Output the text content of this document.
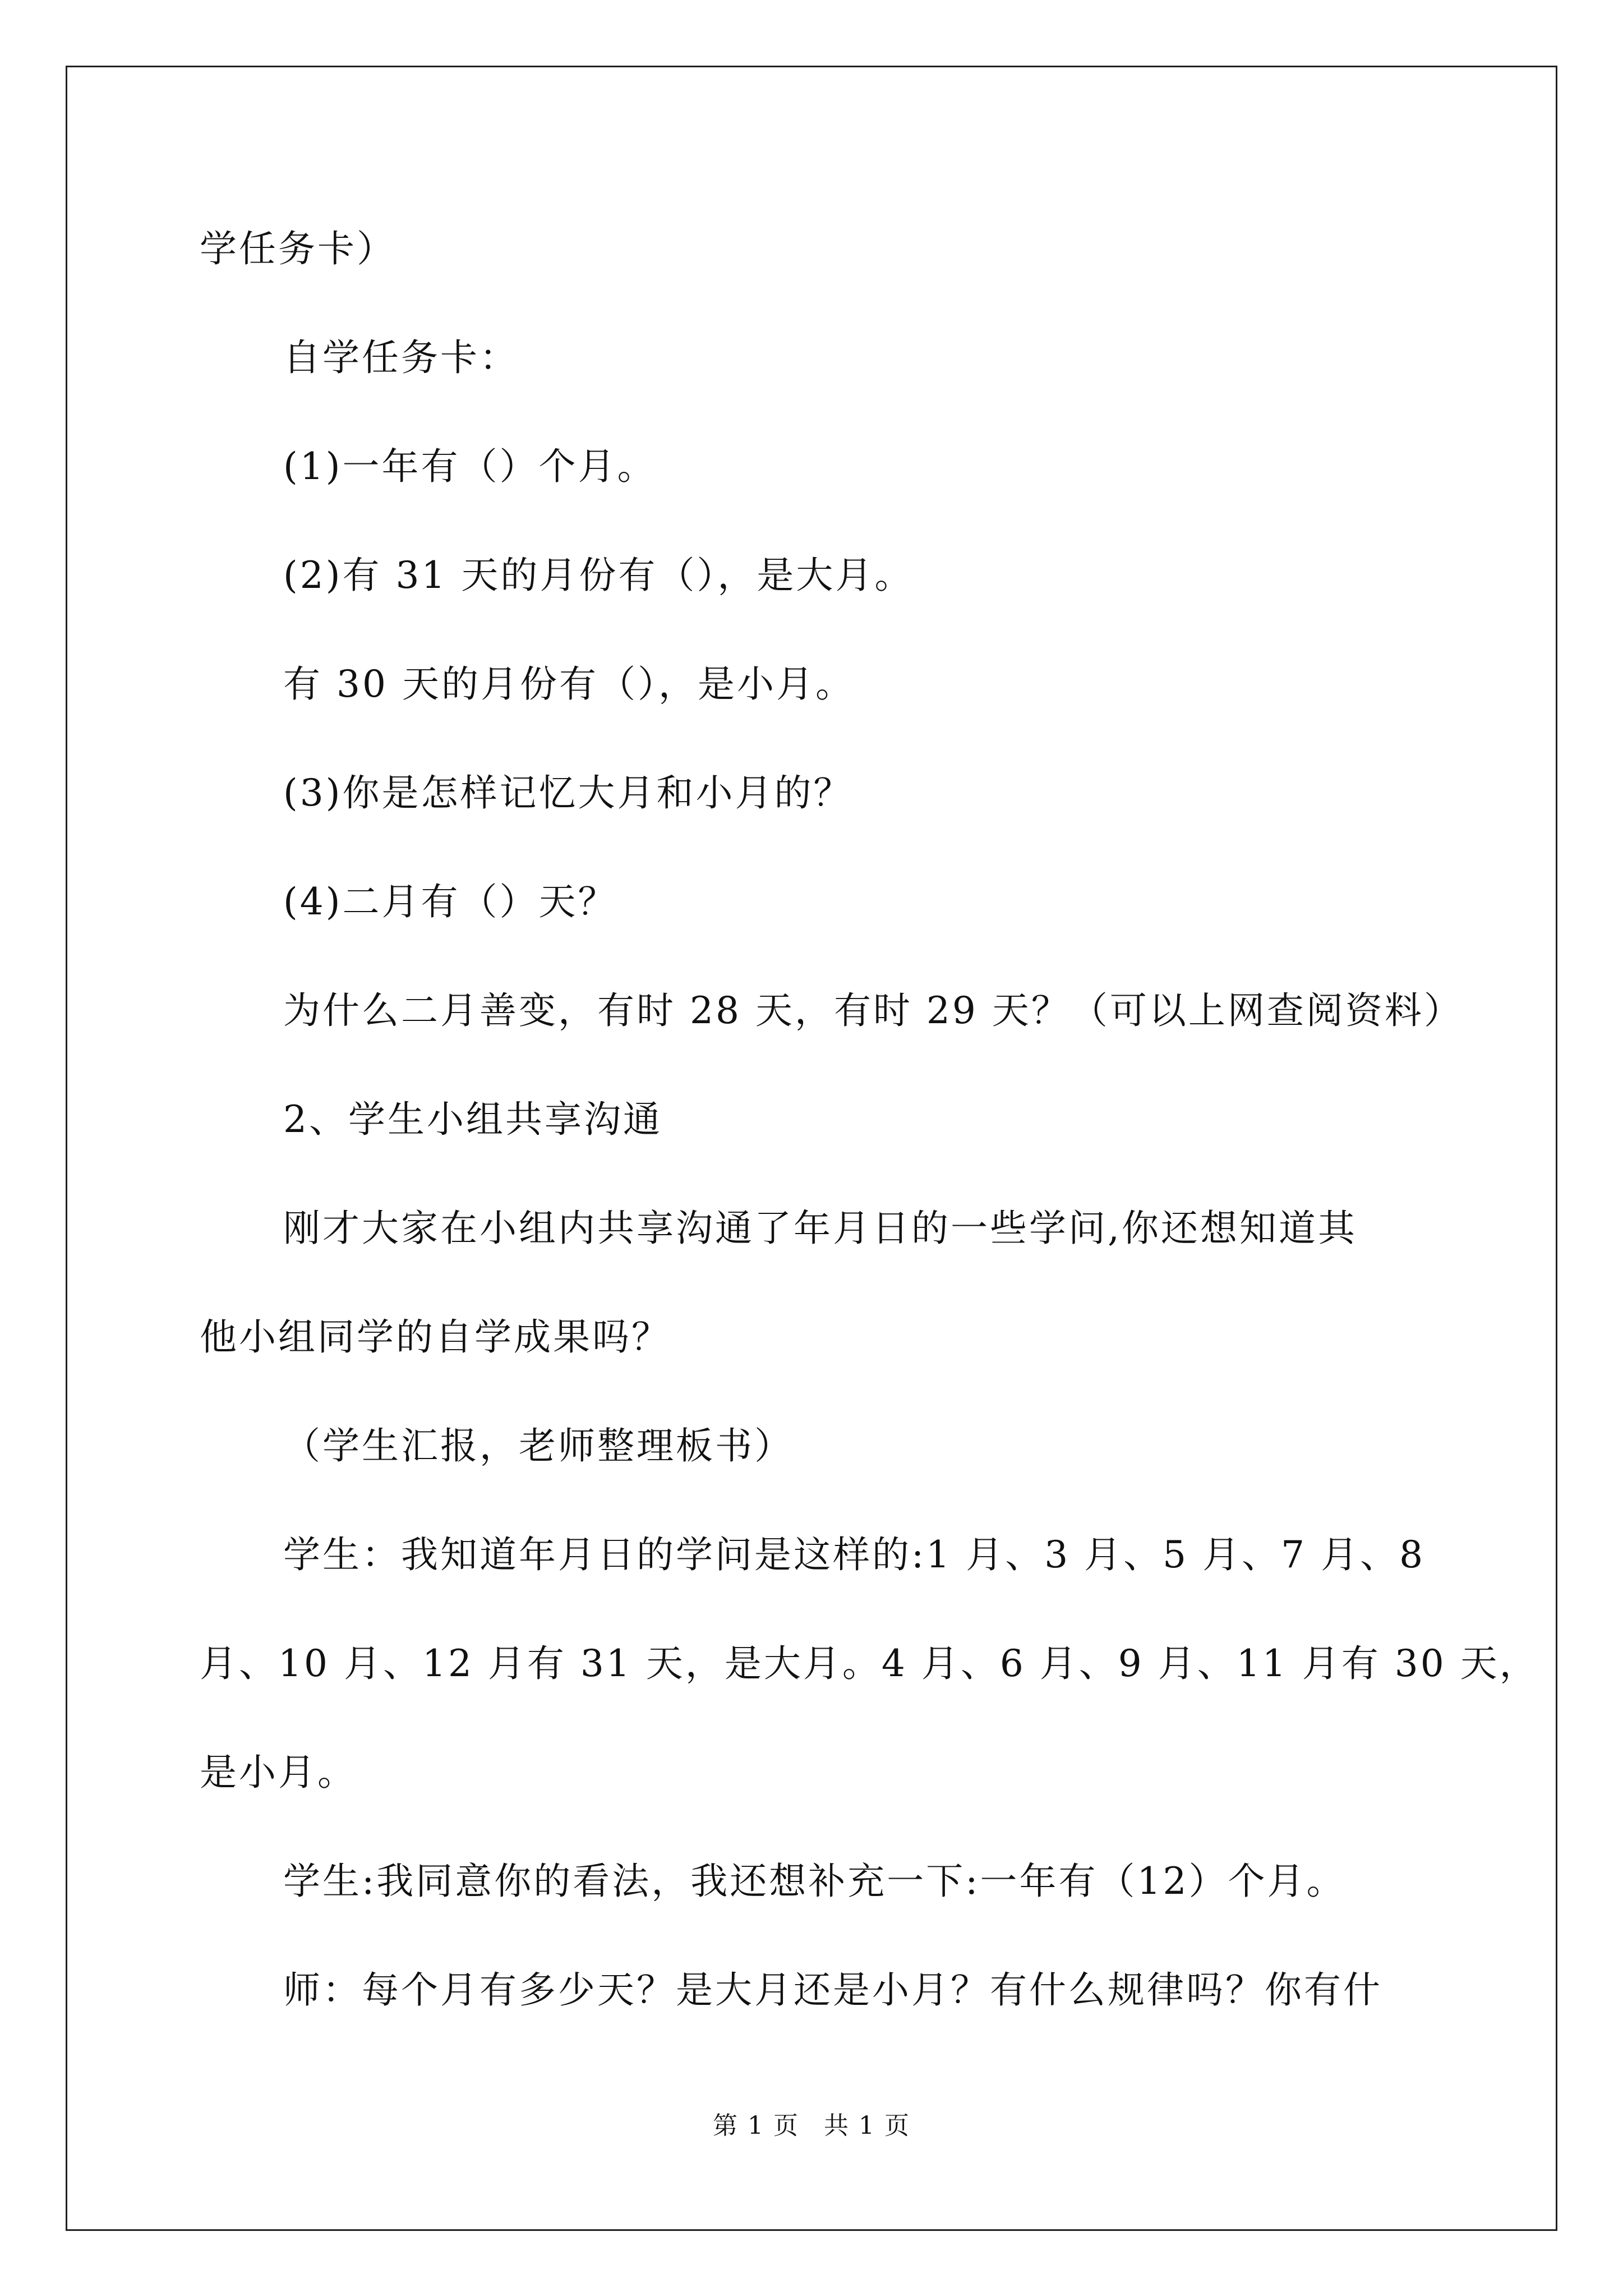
学任务卡）
自学任务卡：
(1)一年有（）个月。
(2)有 31 天的月份有（），是大月。
有 30 天的月份有（），是小月。
(3)你是怎样记忆大月和小月的？
(4)二月有（）天？
为什么二月善变，有时 28 天，有时 29 天？（可以上网查阅资料）
2、学生小组共享沟通
刚才大家在小组内共享沟通了年月日的一些学问,你还想知道其
他小组同学的自学成果吗？
（学生汇报，老师整理板书）
学生：我知道年月日的学问是这样的:1 月、3 月、5 月、7 月、8
月、10 月、12 月有 31 天，是大月。4 月、6 月、9 月、11 月有 30 天，
是小月。
学生:我同意你的看法，我还想补充一下:一年有（12）个月。
师：每个月有多少天？是大月还是小月？有什么规律吗？你有什
第 1 页 共 1 页
